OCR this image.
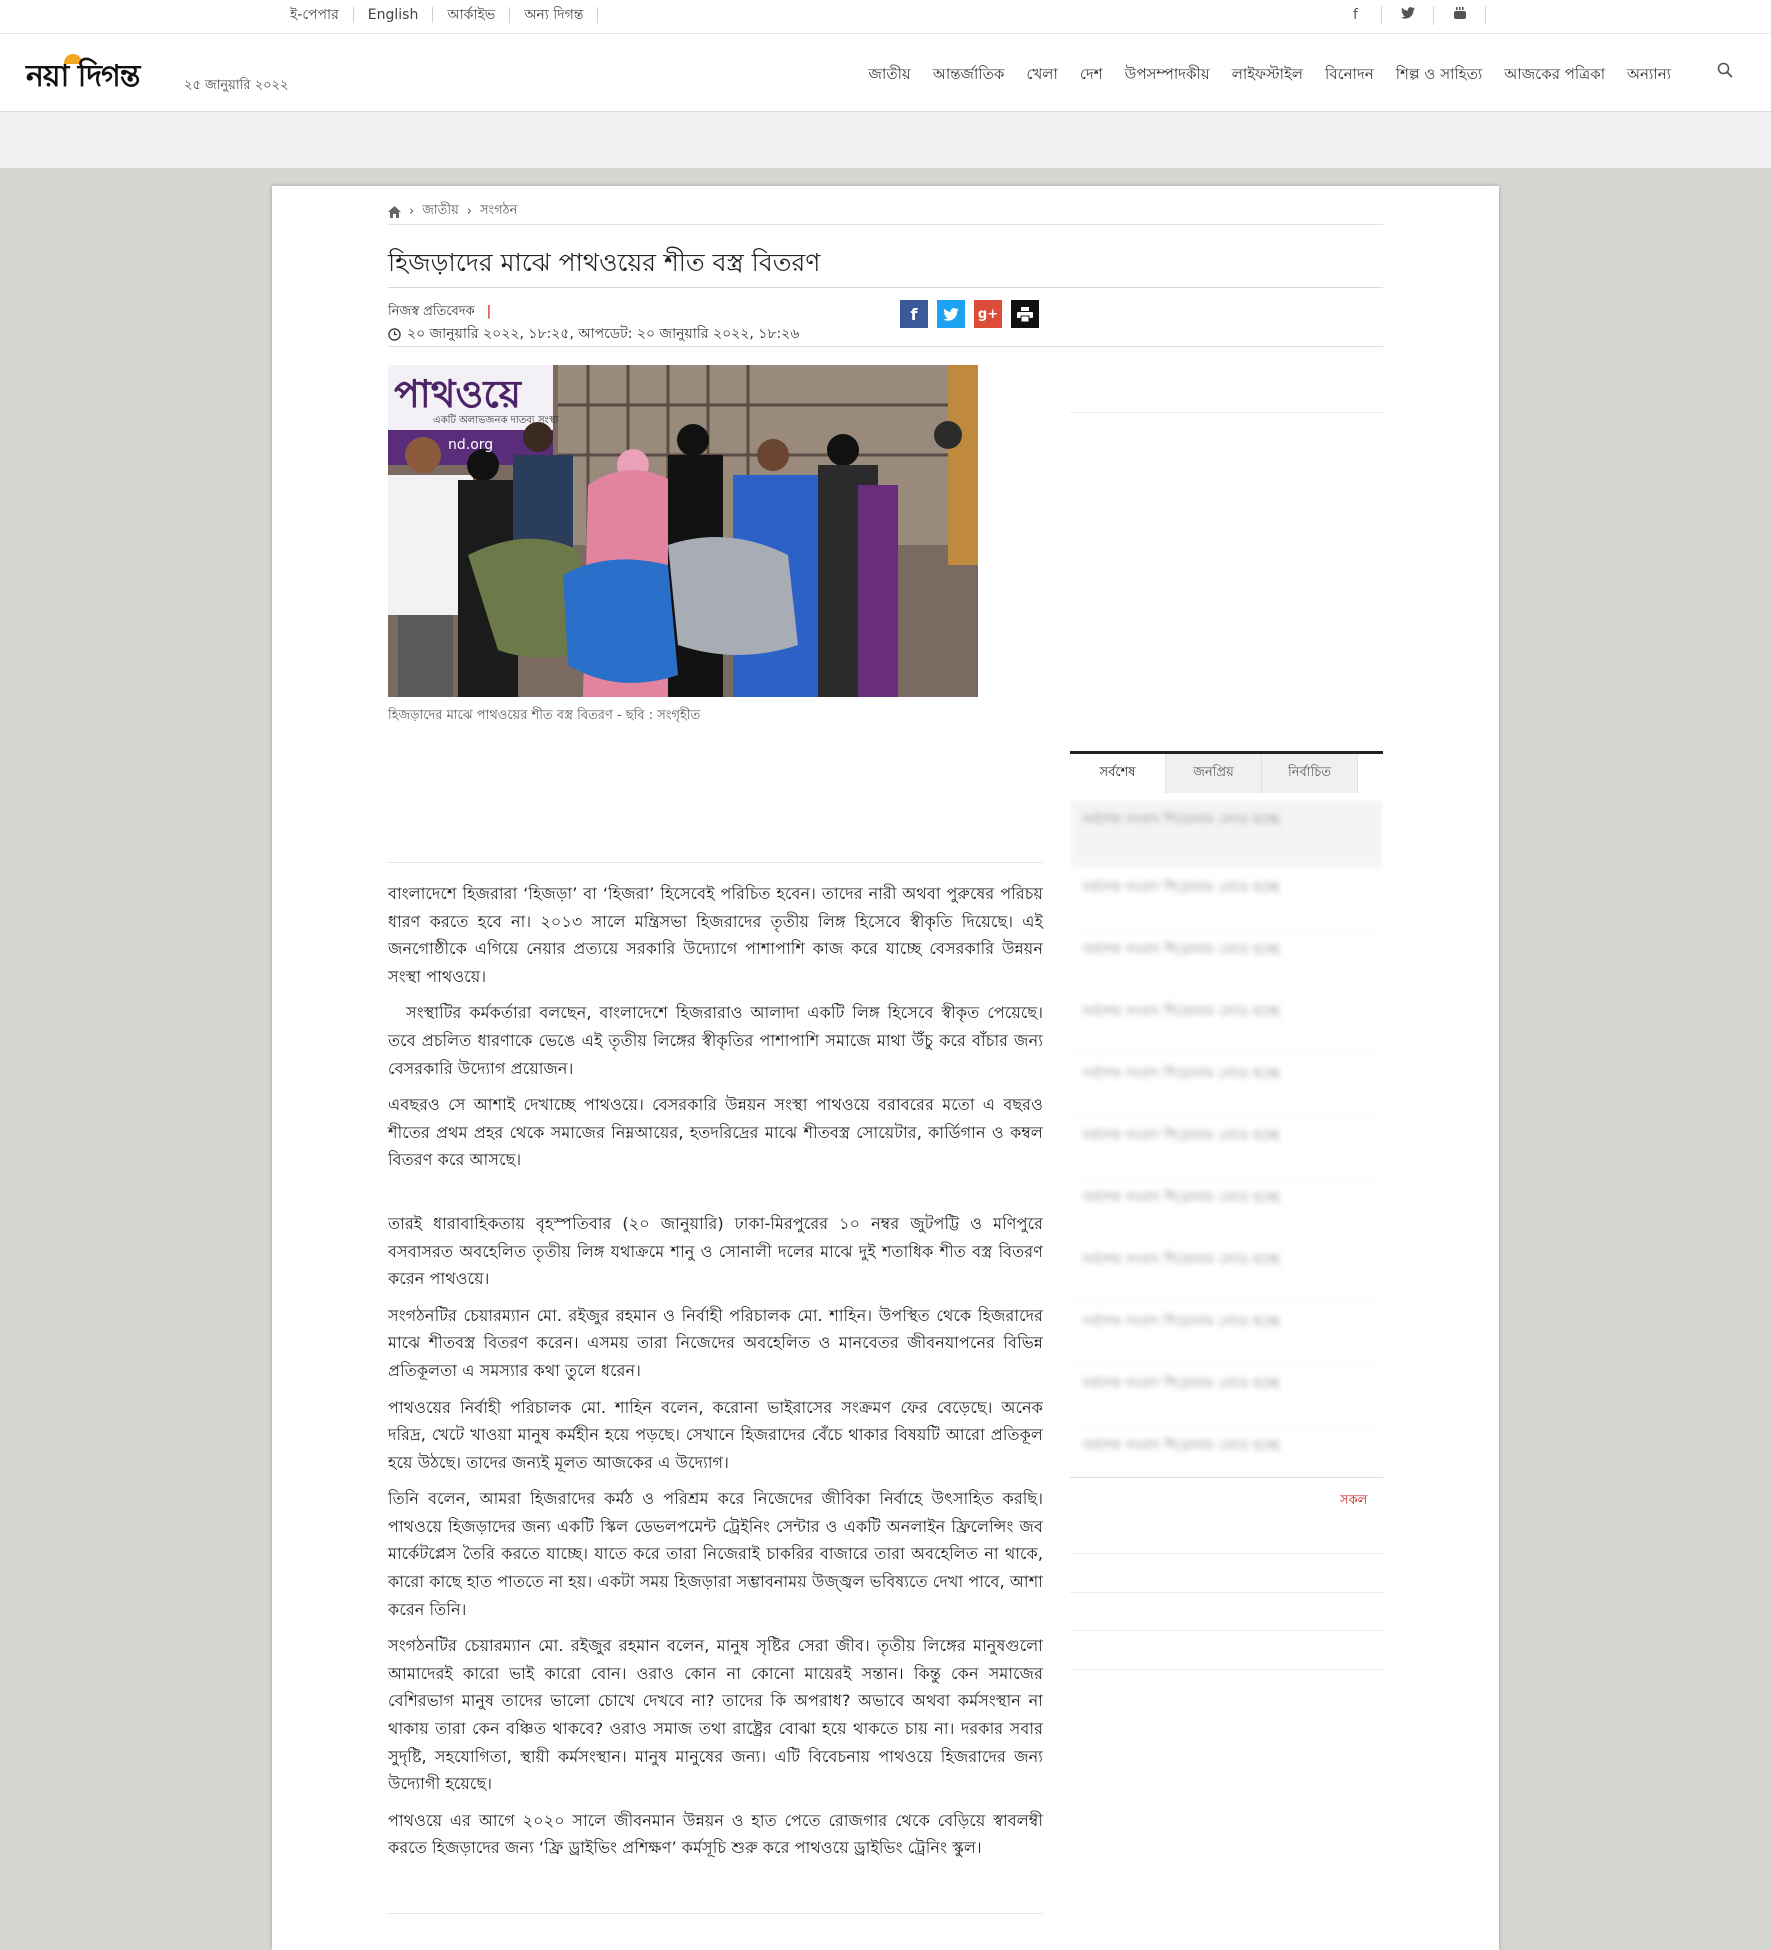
ই-পেপার	English	আর্কাইভ	অন্য দিগন্ত	f
নয়া দিগন্ত	২৫ জানুয়ারি ২০২২
জাতীয় আন্তর্জাতিক খেলা দেশ উপসম্পাদকীয় লাইফস্টাইল বিনোদন শিল্প ও সাহিত্য আজকের পত্রিকা অন্যান্য
› জাতীয় › সংগঠন
হিজড়াদের মাঝে পাথওয়ের শীত বস্ত্র বিতরণ
নিজস্ব প্রতিবেদক |
২০ জানুয়ারি ২০২২, ১৮:২৫, আপডেট: ২০ জানুয়ারি ২০২২, ১৮:২৬
f	g+
পাথওয়ে
একটি অলাভজনক দাতব্য সংস্থা
nd.org
হিজড়াদের মাঝে পাথওয়ের শীত বস্ত্র বিতরণ - ছবি : সংগৃহীত

বাংলাদেশে হিজরারা ‘হিজড়া’ বা ‘হিজরা’ হিসেবেই পরিচিত হবেন। তাদের নারী অথবা পুরুষের পরিচয় ধারণ করতে হবে না। ২০১৩ সালে মন্ত্রিসভা হিজরাদের তৃতীয় লিঙ্গ হিসেবে স্বীকৃতি দিয়েছে। এই জনগোষ্ঠীকে এগিয়ে নেয়ার প্রত্যয়ে সরকারি উদ্যোগে পাশাপাশি কাজ করে যাচ্ছে বেসরকারি উন্নয়ন সংস্থা পাথওয়ে।

সংস্থাটির কর্মকর্তারা বলছেন, বাংলাদেশে হিজরারাও আলাদা একটি লিঙ্গ হিসেবে স্বীকৃত পেয়েছে। তবে প্রচলিত ধারণাকে ভেঙে এই তৃতীয় লিঙ্গের স্বীকৃতির পাশাপাশি সমাজে মাথা উঁচু করে বাঁচার জন্য বেসরকারি উদ্যোগ প্রয়োজন।

এবছরও সে আশাই দেখাচ্ছে পাথওয়ে। বেসরকারি উন্নয়ন সংস্থা পাথওয়ে বরাবরের মতো এ বছরও শীতের প্রথম প্রহর থেকে সমাজের নিম্নআয়ের, হতদরিদ্রের মাঝে শীতবস্ত্র সোয়েটার, কার্ডিগান ও কম্বল বিতরণ করে আসছে।

তারই ধারাবাহিকতায় বৃহস্পতিবার (২০ জানুয়ারি) ঢাকা-মিরপুরের ১০ নম্বর জুটপট্টি ও মণিপুরে বসবাসরত অবহেলিত তৃতীয় লিঙ্গ যথাক্রমে শানু ও সোনালী দলের মাঝে দুই শতাধিক শীত বস্ত্র বিতরণ করেন পাথওয়ে।

সংগঠনটির চেয়ারম্যান মো. রইজুর রহমান ও নির্বাহী পরিচালক মো. শাহিন। উপস্থিত থেকে হিজরাদের মাঝে শীতবস্ত্র বিতরণ করেন। এসময় তারা নিজেদের অবহেলিত ও মানবেতর জীবনযাপনের বিভিন্ন প্রতিকূলতা এ সমস্যার কথা তুলে ধরেন।

পাথওয়ের নির্বাহী পরিচালক মো. শাহিন বলেন, করোনা ভাইরাসের সংক্রমণ ফের বেড়েছে। অনেক দরিদ্র, খেটে খাওয়া মানুষ কর্মহীন হয়ে পড়ছে। সেখানে হিজরাদের বেঁচে থাকার বিষয়টি আরো প্রতিকূল হয়ে উঠছে। তাদের জন্যই মূলত আজকের এ উদ্যোগ।

তিনি বলেন, আমরা হিজরাদের কর্মঠ ও পরিশ্রম করে নিজেদের জীবিকা নির্বাহে উৎসাহিত করছি। পাথওয়ে হিজড়াদের জন্য একটি স্কিল ডেভলপমেন্ট ট্রেইনিং সেন্টার ও একটি অনলাইন ফ্রিলেন্সিং জব মার্কেটপ্লেস তৈরি করতে যাচ্ছে। যাতে করে তারা নিজেরাই চাকরির বাজারে তারা অবহেলিত না থাকে, কারো কাছে হাত পাততে না হয়। একটা সময় হিজড়ারা সম্ভাবনাময় উজ্জ্বল ভবিষ্যতে দেখা পাবে, আশা করেন তিনি।

সংগঠনটির চেয়ারম্যান মো. রইজুর রহমান বলেন, মানুষ সৃষ্টির সেরা জীব। তৃতীয় লিঙ্গের মানুষগুলো আমাদেরই কারো ভাই কারো বোন। ওরাও কোন না কোনো মায়েরই সন্তান। কিন্তু কেন সমাজের বেশিরভাগ মানুষ তাদের ভালো চোখে দেখবে না? তাদের কি অপরাধ? অভাবে অথবা কর্মসংস্থান না থাকায় তারা কেন বঞ্চিত থাকবে? ওরাও সমাজ তথা রাষ্ট্রের বোঝা হয়ে থাকতে চায় না। দরকার সবার সুদৃষ্টি, সহযোগিতা, স্থায়ী কর্মসংস্থান। মানুষ মানুষের জন্য। এটি বিবেচনায় পাথওয়ে হিজরাদের জন্য উদ্যোগী হয়েছে।

পাথওয়ে এর আগে ২০২০ সালে জীবনমান উন্নয়ন ও হাত পেতে রোজগার থেকে বেড়িয়ে স্বাবলম্বী করতে হিজড়াদের জন্য ‘ফ্রি ড্রাইভিং প্রশিক্ষণ’ কর্মসূচি শুরু করে পাথওয়ে ড্রাইভিং ট্রেনিং স্কুল।

সর্বশেষ	জনপ্রিয়	নির্বাচিত
সর্বশেষ সংবাদ শিরোনাম লোড হচ্ছে
সর্বশেষ সংবাদ শিরোনাম লোড হচ্ছে
সর্বশেষ সংবাদ শিরোনাম লোড হচ্ছে
সর্বশেষ সংবাদ শিরোনাম লোড হচ্ছে
সর্বশেষ সংবাদ শিরোনাম লোড হচ্ছে
সর্বশেষ সংবাদ শিরোনাম লোড হচ্ছে
সর্বশেষ সংবাদ শিরোনাম লোড হচ্ছে
সর্বশেষ সংবাদ শিরোনাম লোড হচ্ছে
সর্বশেষ সংবাদ শিরোনাম লোড হচ্ছে
সর্বশেষ সংবাদ শিরোনাম লোড হচ্ছে
সর্বশেষ সংবাদ শিরোনাম লোড হচ্ছে
সকল
